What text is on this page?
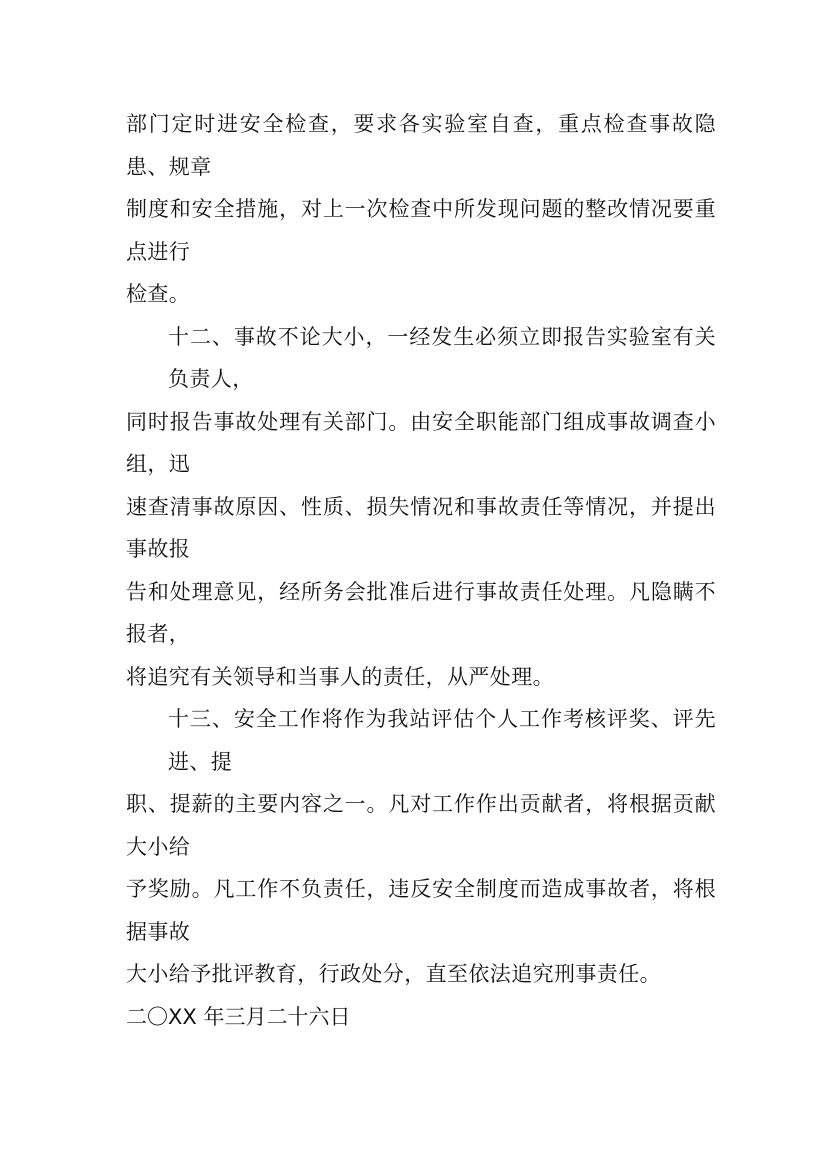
部门定时进安全检查，要求各实验室自查，重点检查事故隐患、规章
制度和安全措施，对上一次检查中所发现问题的整改情况要重点进行
检查。
十二、事故不论大小，一经发生必须立即报告实验室有关负责人，
同时报告事故处理有关部门。由安全职能部门组成事故调查小组，迅
速查清事故原因、性质、损失情况和事故责任等情况，并提出事故报
告和处理意见，经所务会批准后进行事故责任处理。凡隐瞒不报者，
将追究有关领导和当事人的责任，从严处理。
十三、安全工作将作为我站评估个人工作考核评奖、评先进、提
职、提薪的主要内容之一。凡对工作作出贡献者，将根据贡献大小给
予奖励。凡工作不负责任，违反安全制度而造成事故者，将根据事故
大小给予批评教育，行政处分，直至依法追究刑事责任。
二〇XX 年三月二十六日
